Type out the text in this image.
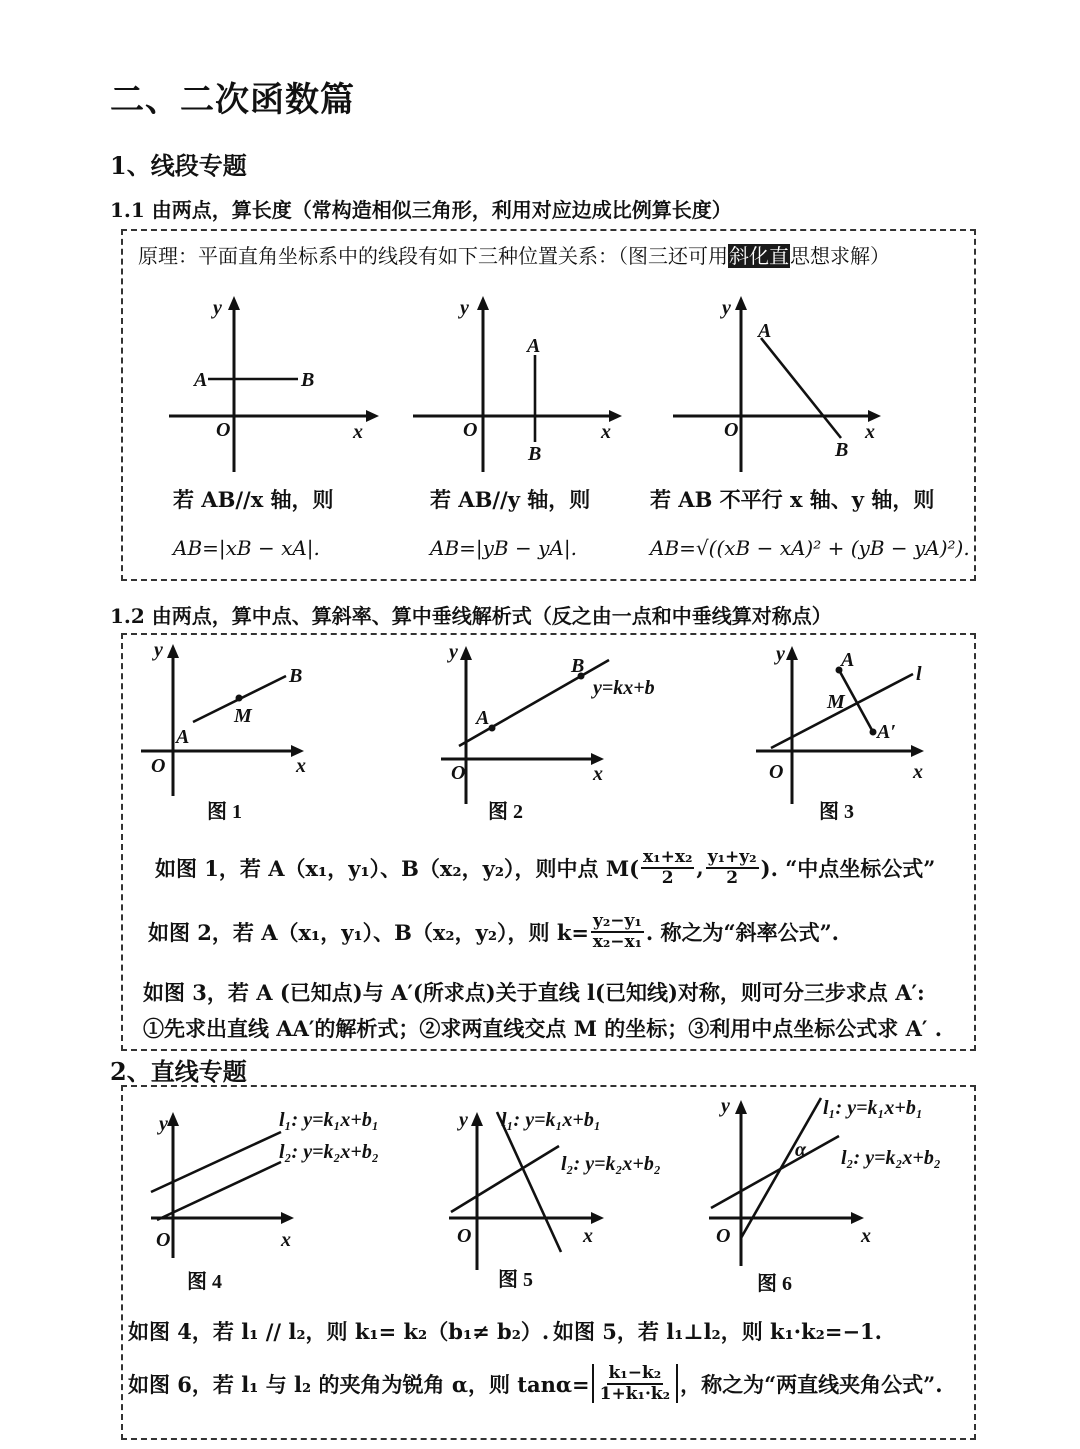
二、二次函数篇
1、线段专题
1.1 由两点，算长度（常构造相似三角形，利用对应边成比例算长度）
原理：平面直角坐标系中的线段有如下三种位置关系：（图三还可用斜化直思想求解）
y
O	x
A	B
y
O	x
A
B
y
O	x
A
B
若 AB//x 轴，则	若 AB//y 轴，则	若 AB 不平行 x 轴、y 轴，则
AB=|xB − xA|.	AB=|yB − yA|.	AB=√((xB − xA)² + (yB − yA)²).
1.2 由两点，算中点、算斜率、算中垂线解析式（反之由一点和中垂线算对称点）
y
O	x
A
B
M
图 1
y
O	x
A
B
y=kx+b
图 2
y
O	x
A
A′
M
l
图 3
如图 1，若 A（x₁，y₁）、B（x₂，y₂），则中点 $M( \frac{\text{x₁+x₂}}{2}$ , $\frac{\text{y₁+y₂}}{2}$ ). “中点坐标公式”
如图 2，若 A（x₁，y₁）、B（x₂，y₂），则 $k= \frac{\text{y₂−y₁}}{\text{x₂−x₁}}$ . 称之为“斜率公式”.
如图 3，若 A (已知点)与 A′(所求点)关于直线 l(已知线)对称，则可分三步求点 A′:
①先求出直线 AA′的解析式；②求两直线交点 M 的坐标；③利用中点坐标公式求 A′ .
2、直线专题
y
O	x
l₁: y=k₁x+b₁
l₂: y=k₂x+b₂
图 4
y
O	x
l₁: y=k₁x+b₁
l₂: y=k₂x+b₂
图 5
y
O	x
α
l₁: y=k₁x+b₁
l₂: y=k₂x+b₂
图 6
如图 4，若 l₁ // l₂，则 k₁= k₂（b₁≠ b₂）. 如图 5，若 l₁⊥l₂，则 k₁·k₂=−1.
如图 6，若 l₁ 与 l₂ 的夹角为锐角 α，则 $\tan\alpha= \frac{\text{k₁−k₂}}{\text{1+k₁·k₂}}$ ，称之为“两直线夹角公式”.
